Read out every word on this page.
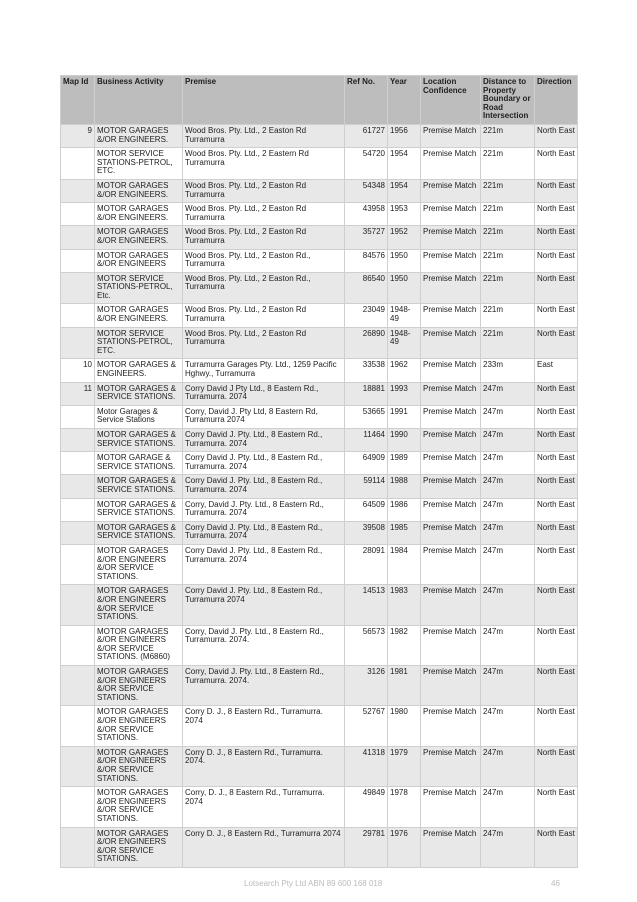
Map Id	Business Activity	Premise	Ref No.	Year	Location Confidence	Distance to Property Boundary or Road Intersection	Direction
9	MOTOR GARAGES &/OR ENGINEERS.	Wood Bros. Pty. Ltd., 2 Easton Rd Turramurra	61727	1956	Premise Match	221m	North East
	MOTOR SERVICE STATIONS-PETROL, ETC.	Wood Bros. Pty. Ltd., 2 Eastern Rd Turramurra	54720	1954	Premise Match	221m	North East
	MOTOR GARAGES &/OR ENGINEERS.	Wood Bros. Pty. Ltd., 2 Easton Rd Turramurra	54348	1954	Premise Match	221m	North East
	MOTOR GARAGES &/OR ENGINEERS.	Wood Bros. Pty. Ltd., 2 Easton Rd Turramurra	43958	1953	Premise Match	221m	North East
	MOTOR GARAGES &/OR ENGINEERS.	Wood Bros. Pty. Ltd., 2 Easton Rd Turramurra	35727	1952	Premise Match	221m	North East
	MOTOR GARAGES &/OR ENGINEERS	Wood Bros. Pty. Ltd., 2 Easton Rd., Turramurra	84576	1950	Premise Match	221m	North East
	MOTOR SERVICE STATIONS-PETROL, Etc.	Wood Bros. Pty. Ltd., 2 Easton Rd., Turramurra	86540	1950	Premise Match	221m	North East
	MOTOR GARAGES &/OR ENGINEERS.	Wood Bros. Pty. Ltd., 2 Easton Rd Turramurra	23049	1948-49	Premise Match	221m	North East
	MOTOR SERVICE STATIONS-PETROL, ETC.	Wood Bros. Pty. Ltd., 2 Easton Rd Turramurra	26890	1948-49	Premise Match	221m	North East
10	MOTOR GARAGES & ENGINEERS.	Turramurra Garages Pty. Ltd., 1259 Pacific Hghwy., Turramurra	33538	1962	Premise Match	233m	East
11	MOTOR GARAGES & SERVICE STATIONS.	Corry David J Pty Ltd., 8 Eastern Rd., Turramurra. 2074	18881	1993	Premise Match	247m	North East
	Motor Garages & Service Stations	Corry, David J. Pty Ltd, 8 Eastern Rd, Turramurra 2074	53665	1991	Premise Match	247m	North East
	MOTOR GARAGES & SERVICE STATIONS.	Corry David J. Pty. Ltd., 8 Eastern Rd., Turramurra. 2074	11464	1990	Premise Match	247m	North East
	MOTOR GARAGE & SERVICE STATIONS.	Corry David J. Pty. Ltd., 8 Eastern Rd., Turramurra. 2074	64909	1989	Premise Match	247m	North East
	MOTOR GARAGES & SERVICE STATIONS.	Corry David J. Pty. Ltd., 8 Eastern Rd., Turramurra. 2074	59114	1988	Premise Match	247m	North East
	MOTOR GARAGES & SERVICE STATIONS.	Corry, David J. Pty. Ltd., 8 Eastern Rd., Turramurra. 2074	64509	1986	Premise Match	247m	North East
	MOTOR GARAGES & SERVICE STATIONS.	Corry David J. Pty. Ltd., 8 Eastern Rd., Turramurra. 2074	39508	1985	Premise Match	247m	North East
	MOTOR GARAGES &/OR ENGINEERS &/OR SERVICE STATIONS.	Corry David J. Pty. Ltd., 8 Eastern Rd., Turramurra. 2074	28091	1984	Premise Match	247m	North East
	MOTOR GARAGES &/OR ENGINEERS &/OR SERVICE STATIONS.	Corry David J. Pty. Ltd., 8 Eastern Rd., Turramurra 2074	14513	1983	Premise Match	247m	North East
	MOTOR GARAGES &/OR ENGINEERS &/OR SERVICE STATIONS. (M6860)	Corry, David J. Pty. Ltd., 8 Eastern Rd., Turramurra. 2074.	56573	1982	Premise Match	247m	North East
	MOTOR GARAGES &/OR ENGINEERS &/OR SERVICE STATIONS.	Corry, David J. Pty. Ltd., 8 Eastern Rd., Turramurra. 2074.	3126	1981	Premise Match	247m	North East
	MOTOR GARAGES &/OR ENGINEERS &/OR SERVICE STATIONS.	Corry D. J., 8 Eastern Rd., Turramurra. 2074	52767	1980	Premise Match	247m	North East
	MOTOR GARAGES &/OR ENGINEERS &/OR SERVICE STATIONS.	Corry D. J., 8 Eastern Rd., Turramurra. 2074.	41318	1979	Premise Match	247m	North East
	MOTOR GARAGES &/OR ENGINEERS &/OR SERVICE STATIONS.	Corry, D. J., 8 Eastern Rd., Turramurra. 2074	49849	1978	Premise Match	247m	North East
	MOTOR GARAGES &/OR ENGINEERS &/OR SERVICE STATIONS.	Corry D. J., 8 Eastern Rd., Turramurra 2074	29781	1976	Premise Match	247m	North East
Lotsearch Pty Ltd ABN 89 600 168 018	46
